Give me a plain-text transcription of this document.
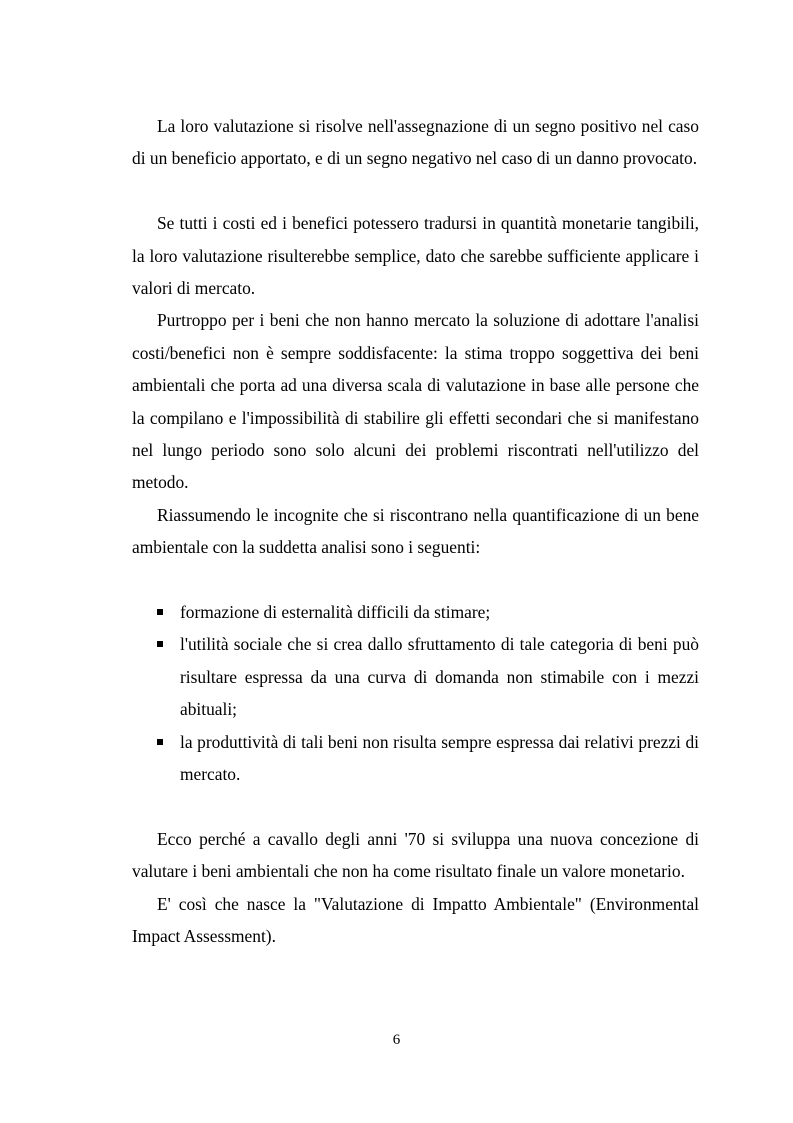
La loro valutazione si risolve nell'assegnazione di un segno positivo nel caso di un beneficio apportato, e di un segno negativo nel caso di un danno provocato.

Se tutti i costi ed i benefici potessero tradursi in quantità monetarie tangibili, la loro valutazione risulterebbe semplice, dato che sarebbe sufficiente applicare i valori di mercato.

Purtroppo per i beni che non hanno mercato la soluzione di adottare l'analisi costi/benefici non è sempre soddisfacente: la stima troppo soggettiva dei beni ambientali che porta ad una diversa scala di valutazione in base alle persone che la compilano e l'impossibilità di stabilire gli effetti secondari che si manifestano nel lungo periodo sono solo alcuni dei problemi riscontrati nell'utilizzo del metodo.

Riassumendo le incognite che si riscontrano nella quantificazione di un bene ambientale con la suddetta analisi sono i seguenti:

formazione di esternalità difficili da stimare;
l'utilità sociale che si crea dallo sfruttamento di tale categoria di beni può risultare espressa da una curva di domanda non stimabile con i mezzi abituali;
la produttività di tali beni non risulta sempre espressa dai relativi prezzi di mercato.

Ecco perché a cavallo degli anni '70 si sviluppa una nuova concezione di valutare i beni ambientali che non ha come risultato finale un valore monetario.

E' così che nasce la "Valutazione di Impatto Ambientale" (Environmental Impact Assessment).

6
